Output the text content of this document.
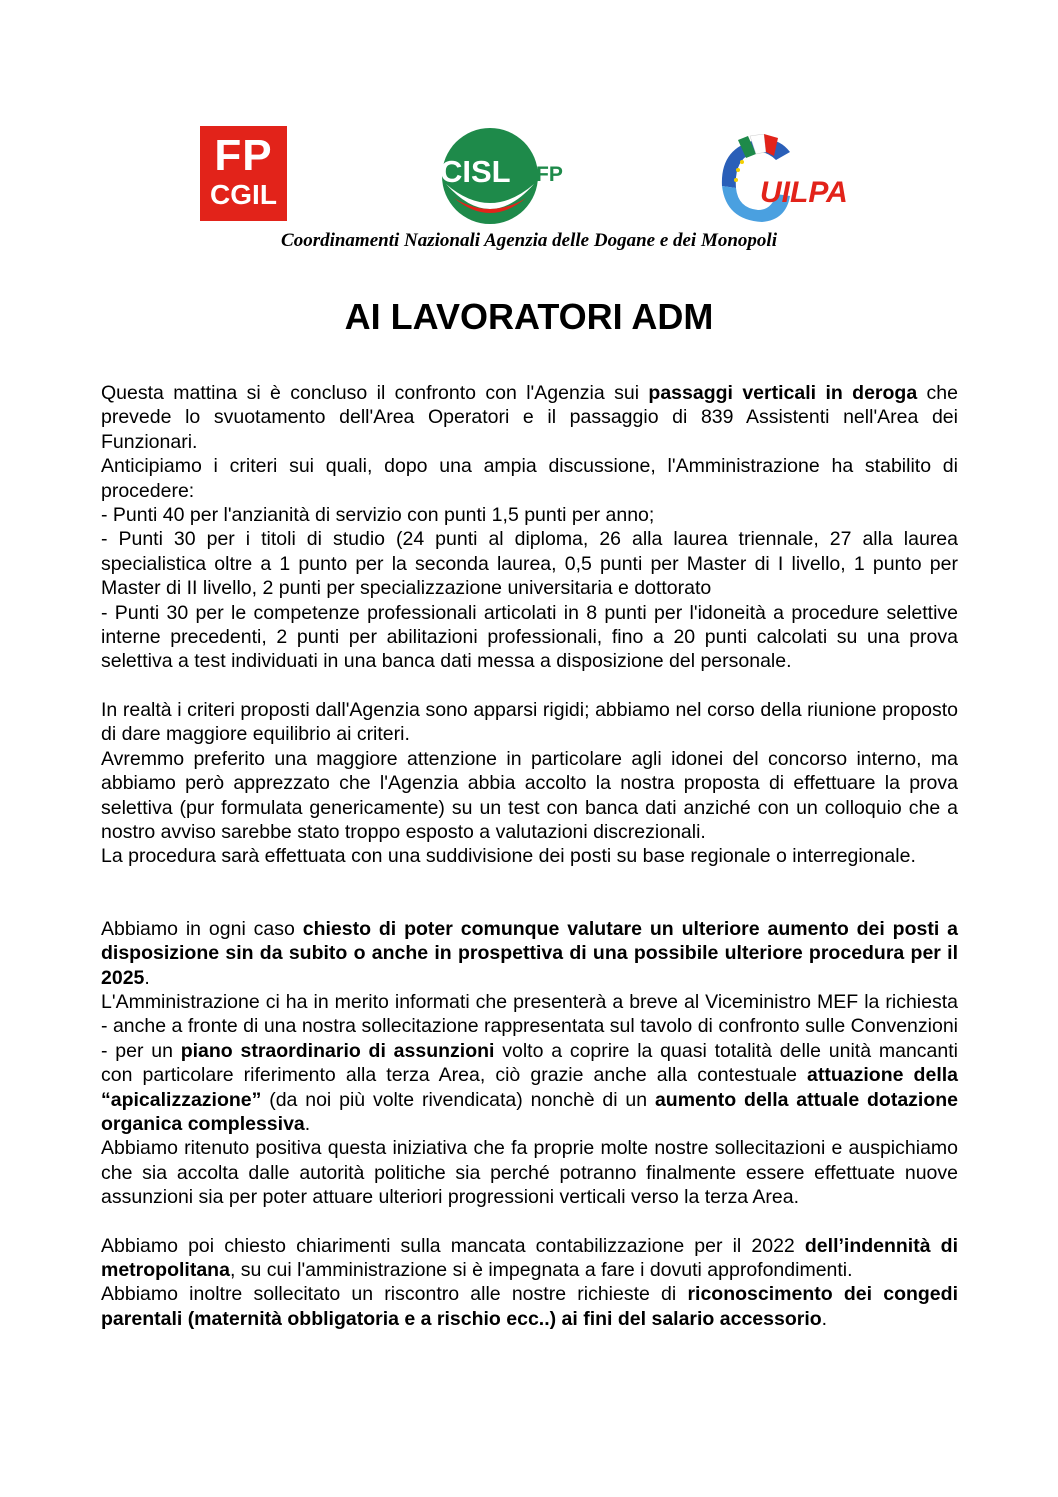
FP
CGIL
CISL FP
UILPA
Coordinamenti Nazionali Agenzia delle Dogane e dei Monopoli
AI LAVORATORI ADM

Questa mattina si è concluso il confronto con l'Agenzia sui passaggi verticali in deroga che prevede lo svuotamento dell'Area Operatori e il passaggio di 839 Assistenti nell'Area dei Funzionari.

Anticipiamo i criteri sui quali, dopo una ampia discussione, l'Amministrazione ha stabilito di procedere:

- Punti 40 per l'anzianità di servizio con punti 1,5 punti per anno;

- Punti 30 per i titoli di studio (24 punti al diploma, 26 alla laurea triennale, 27 alla laurea specialistica oltre a 1 punto per la seconda laurea, 0,5 punti per Master di I livello, 1 punto per Master di II livello, 2 punti per specializzazione universitaria e dottorato

- Punti 30 per le competenze professionali articolati in 8 punti per l'idoneità a procedure selettive interne precedenti, 2 punti per abilitazioni professionali, fino a 20 punti calcolati su una prova selettiva a test individuati in una banca dati messa a disposizione del personale.

In realtà i criteri proposti dall'Agenzia sono apparsi rigidi; abbiamo nel corso della riunione proposto di dare maggiore equilibrio ai criteri.

Avremmo preferito una maggiore attenzione in particolare agli idonei del concorso interno, ma abbiamo però apprezzato che l'Agenzia abbia accolto la nostra proposta di effettuare la prova selettiva (pur formulata genericamente) su un test con banca dati anziché con un colloquio che a nostro avviso sarebbe stato troppo esposto a valutazioni discrezionali.

La procedura sarà effettuata con una suddivisione dei posti su base regionale o interregionale.

Abbiamo in ogni caso chiesto di poter comunque valutare un ulteriore aumento dei posti a disposizione sin da subito o anche in prospettiva di una possibile ulteriore procedura per il 2025.

L'Amministrazione ci ha in merito informati che presenterà a breve al Viceministro MEF la richiesta - anche a fronte di una nostra sollecitazione rappresentata sul tavolo di confronto sulle Convenzioni - per un piano straordinario di assunzioni volto a coprire la quasi totalità delle unità mancanti con particolare riferimento alla terza Area, ciò grazie anche alla contestuale attuazione della “apicalizzazione” (da noi più volte rivendicata) nonchè di un aumento della attuale dotazione organica complessiva.

Abbiamo ritenuto positiva questa iniziativa che fa proprie molte nostre sollecitazioni e auspichiamo che sia accolta dalle autorità politiche sia perché potranno finalmente essere effettuate nuove assunzioni sia per poter attuare ulteriori progressioni verticali verso la terza Area.

Abbiamo poi chiesto chiarimenti sulla mancata contabilizzazione per il 2022 dell’indennità di metropolitana, su cui l'amministrazione si è impegnata a fare i dovuti approfondimenti.

Abbiamo inoltre sollecitato un riscontro alle nostre richieste di riconoscimento dei congedi parentali (maternità obbligatoria e a rischio ecc..) ai fini del salario accessorio.
